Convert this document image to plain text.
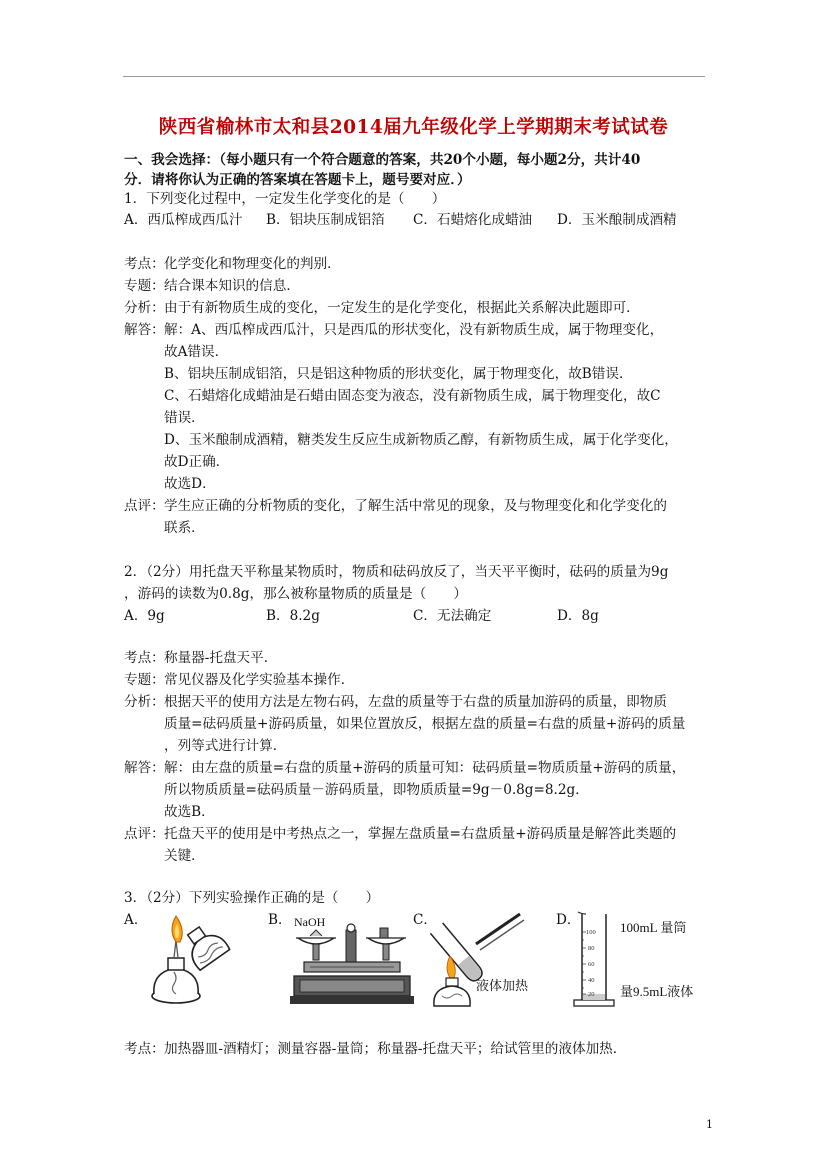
陕西省榆林市太和县2014届九年级化学上学期期末考试试卷
一、我会选择：（每小题只有一个符合题意的答案，共20个小题，每小题2分，共计40
分．请将你认为正确的答案填在答题卡上，题号要对应．）
1．下列变化过程中，一定发生化学变化的是（　　）
A．西瓜榨成西瓜汁 B．铝块压制成铝箔 C．石蜡熔化成蜡油 D．玉米酿制成酒精
考点： 化学变化和物理变化的判别．
专题： 结合课本知识的信息．
分析： 由于有新物质生成的变化，一定发生的是化学变化，根据此关系解决此题即可．
解答： 解：A、西瓜榨成西瓜汁，只是西瓜的形状变化，没有新物质生成，属于物理变化，
故A错误．
B、铝块压制成铝箔，只是铝这种物质的形状变化，属于物理变化，故B错误．
C、石蜡熔化成蜡油是石蜡由固态变为液态，没有新物质生成，属于物理变化，故C
错误．
D、玉米酿制成酒精，糖类发生反应生成新物质乙醇，有新物质生成，属于化学变化，
故D正确．
故选D．
点评： 学生应正确的分析物质的变化，了解生活中常见的现象，及与物理变化和化学变化的
联系．
2．（2分）用托盘天平称量某物质时，物质和砝码放反了，当天平平衡时，砝码的质量为9g
，游码的读数为0.8g，那么被称量物质的质量是（　　）
A．9g	B．8.2g	C．无法确定	D．8g
考点： 称量器-托盘天平．
专题： 常见仪器及化学实验基本操作．
分析： 根据天平的使用方法是左物右码，左盘的质量等于右盘的质量加游码的质量，即物质
质量=砝码质量+游码质量，如果位置放反，根据左盘的质量=右盘的质量+游码的质量
，列等式进行计算．
解答： 解：由左盘的质量=右盘的质量+游码的质量可知：砝码质量=物质质量+游码的质量，
所以物质质量=砝码质量－游码质量，即物质质量=9g－0.8g=8.2g．
故选B．
点评： 托盘天平的使用是中考热点之一，掌握左盘质量=右盘质量+游码质量是解答此类题的
关键．
3．（2分）下列实验操作正确的是（　　）
A．	B．	C．	D．
NaOH
液体加热
100
80
60
40
20
100mL 量筒
量9.5mL液体
考点： 加热器皿-酒精灯；测量容器-量筒；称量器-托盘天平；给试管里的液体加热．
1
